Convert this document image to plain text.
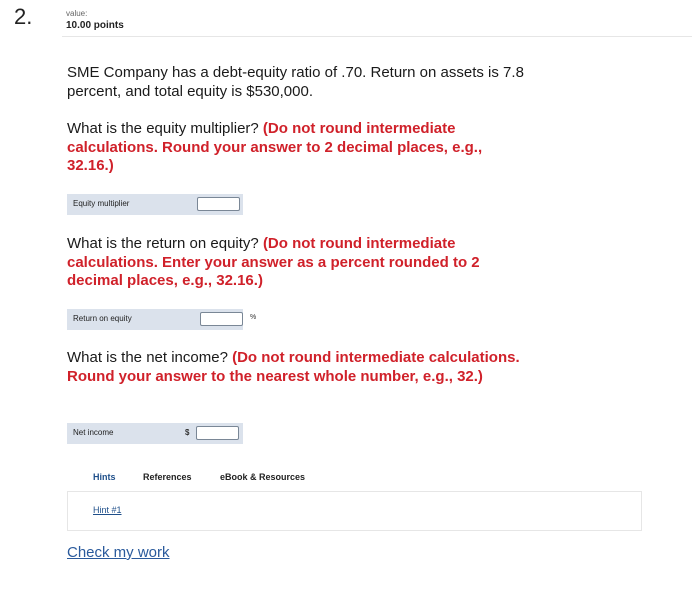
2.	value:
10.00 points
SME Company has a debt-equity ratio of .70. Return on assets is 7.8 percent, and total equity is $530,000.
What is the equity multiplier? (Do not round intermediate calculations. Round your answer to 2 decimal places, e.g., 32.16.)
Equity multiplier
What is the return on equity? (Do not round intermediate calculations. Enter your answer as a percent rounded to 2 decimal places, e.g., 32.16.)
Return on equity	%
What is the net income? (Do not round intermediate calculations. Round your answer to the nearest whole number, e.g., 32.)
Net income	$
Hints	References	eBook & Resources
Hint #1
Check my work
